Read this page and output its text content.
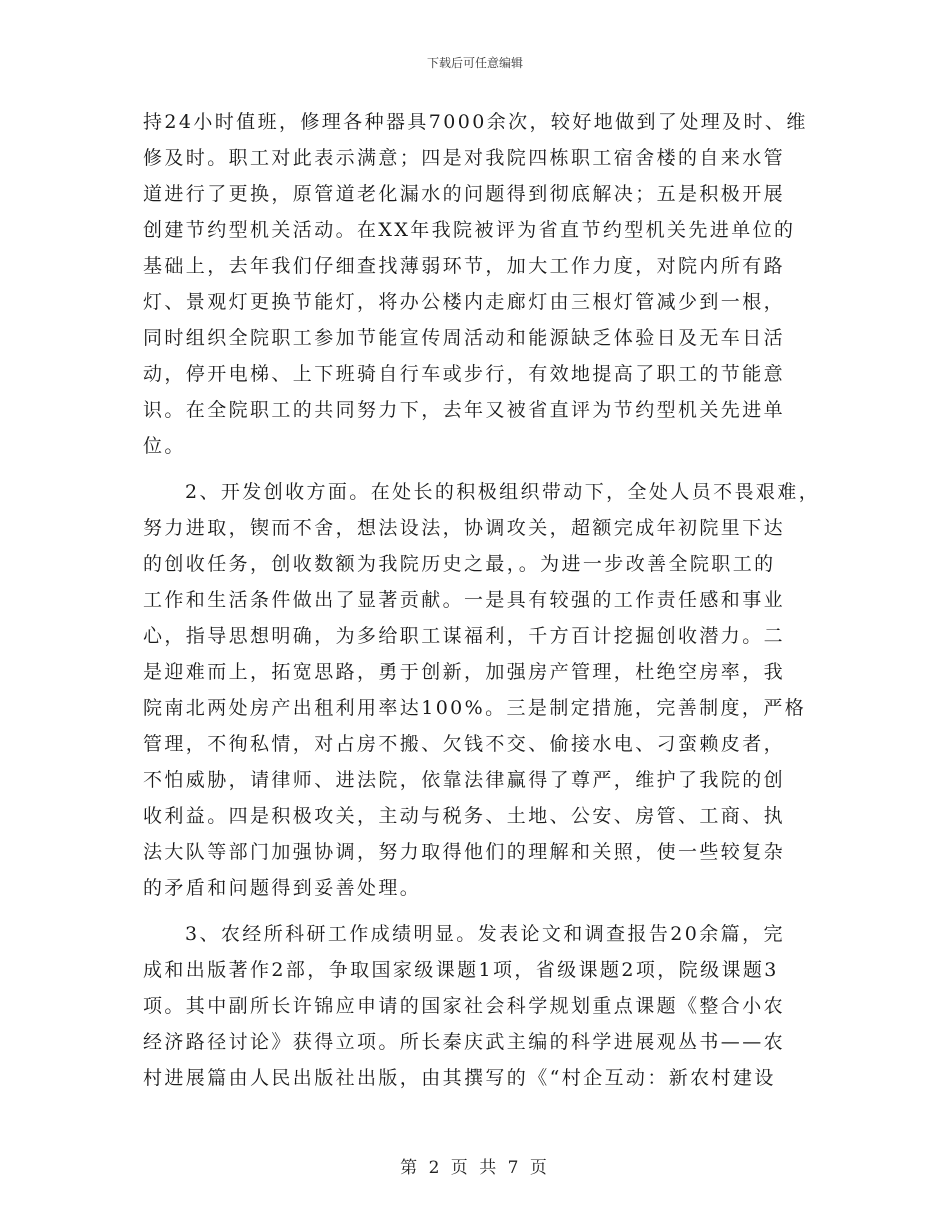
下载后可任意编辑
持24小时值班，修理各种器具7000余次，较好地做到了处理及时、维
修及时。职工对此表示满意；四是对我院四栋职工宿舍楼的自来水管
道进行了更换，原管道老化漏水的问题得到彻底解决；五是积极开展
创建节约型机关活动。在XX年我院被评为省直节约型机关先进单位的
基础上，去年我们仔细查找薄弱环节，加大工作力度，对院内所有路
灯、景观灯更换节能灯，将办公楼内走廊灯由三根灯管减少到一根，
同时组织全院职工参加节能宣传周活动和能源缺乏体验日及无车日活
动，停开电梯、上下班骑自行车或步行，有效地提高了职工的节能意
识。在全院职工的共同努力下，去年又被省直评为节约型机关先进单
位。
2、开发创收方面。在处长的积极组织带动下，全处人员不畏艰难，
努力进取，锲而不舍，想法设法，协调攻关，超额完成年初院里下达
的创收任务，创收数额为我院历史之最，。为进一步改善全院职工的
工作和生活条件做出了显著贡献。一是具有较强的工作责任感和事业
心，指导思想明确，为多给职工谋福利，千方百计挖掘创收潜力。二
是迎难而上，拓宽思路，勇于创新，加强房产管理，杜绝空房率，我
院南北两处房产出租利用率达100%。三是制定措施，完善制度，严格
管理，不徇私情，对占房不搬、欠钱不交、偷接水电、刁蛮赖皮者，
不怕威胁，请律师、进法院，依靠法律赢得了尊严，维护了我院的创
收利益。四是积极攻关，主动与税务、土地、公安、房管、工商、执
法大队等部门加强协调，努力取得他们的理解和关照，使一些较复杂
的矛盾和问题得到妥善处理。
3、农经所科研工作成绩明显。发表论文和调查报告20余篇，完
成和出版著作2部，争取国家级课题1项，省级课题2项，院级课题3
项。其中副所长许锦应申请的国家社会科学规划重点课题《整合小农
经济路径讨论》获得立项。所长秦庆武主编的科学进展观丛书——农
村进展篇由人民出版社出版，由其撰写的《“村企互动：新农村建设
第 2 页 共 7 页
